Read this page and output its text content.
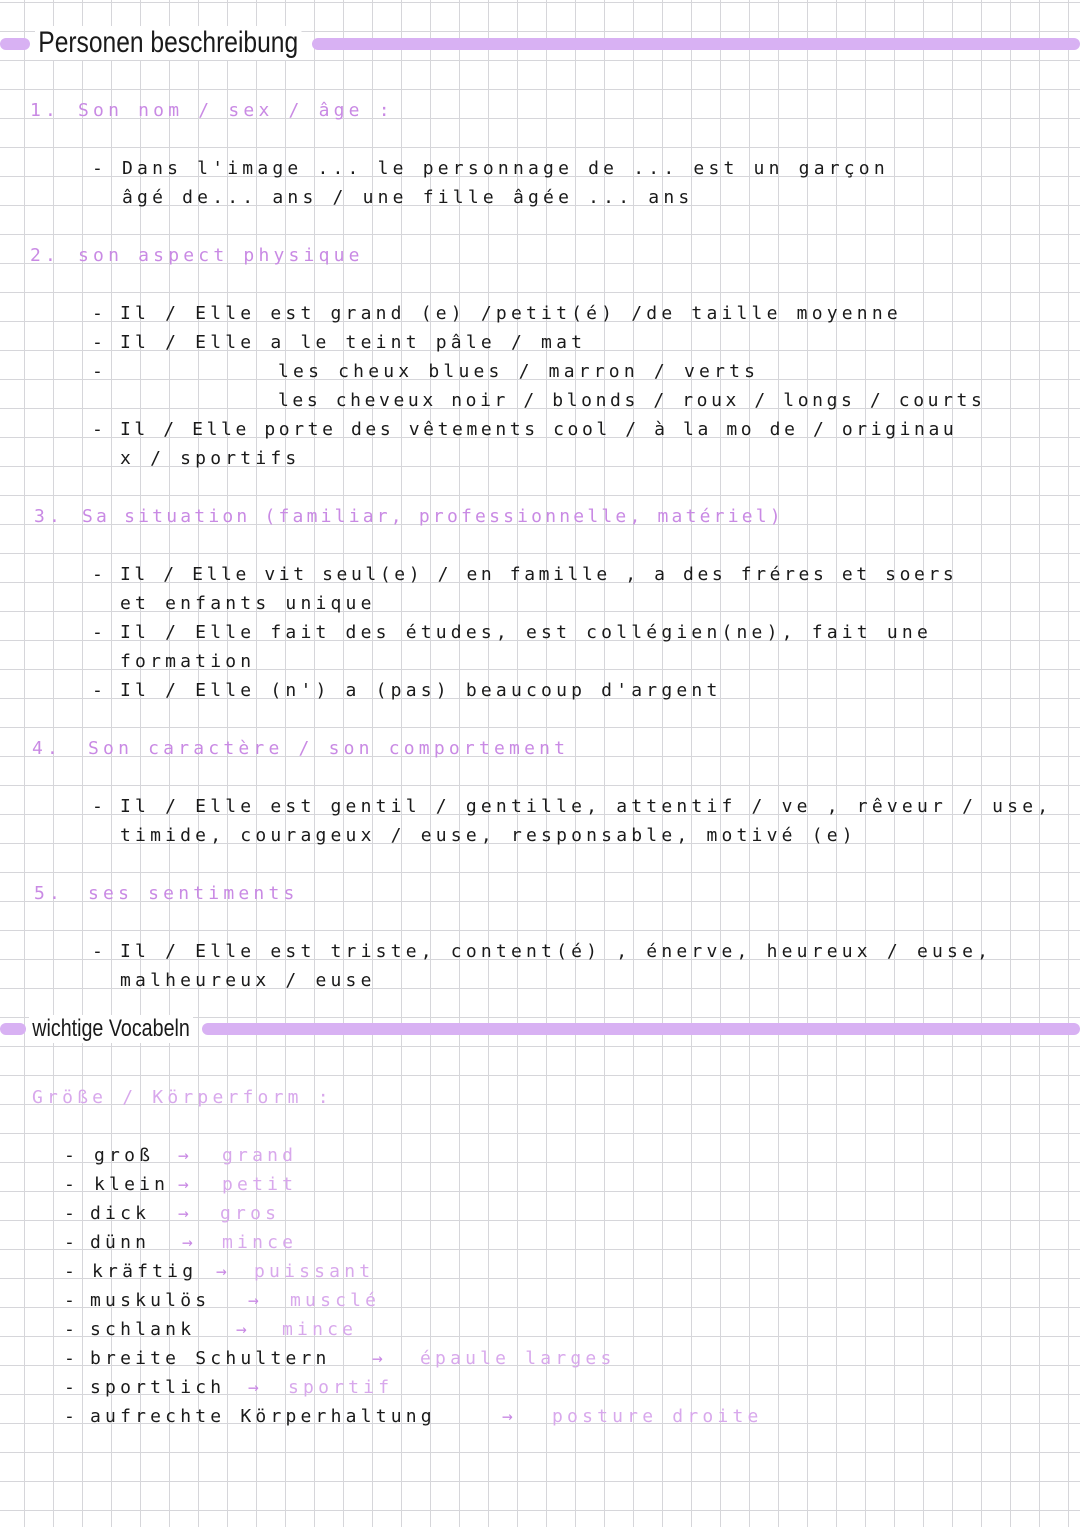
Personen beschreibung
1. Son nom / sex / âge :
- Dans l'image ... le personnage de ... est un garçon
âgé de... ans / une fille âgée ... ans
2. son aspect physique
- Il / Elle est grand (e) /petit(é) /de taille moyenne
- Il / Elle a le teint pâle / mat
-	les cheux blues / marron / verts
les cheveux noir / blonds / roux / longs / courts
- Il / Elle porte des vêtements cool / à la mo de / originau
x / sportifs
3. Sa situation (familiar, professionnelle, matériel)
- Il / Elle vit seul(e) / en famille , a des fréres et soers
et enfants unique
- Il / Elle fait des études, est collégien(ne), fait une
formation
- Il / Elle (n') a (pas) beaucoup d'argent
4. Son caractère / son comportement
- Il / Elle est gentil / gentille, attentif / ve , rêveur / use,
timide, courageux / euse, responsable, motivé (e)
5. ses sentiments
- Il / Elle est triste, content(é) , énerve, heureux / euse,
malheureux / euse
wichtige Vocabeln
Größe / Körperform :
- groß → grand
- klein → petit
- dick → gros
- dünn → mince
- kräftig → puissant
- muskulös → musclé
- schlank → mince
- breite Schultern → épaule larges
- sportlich → sportif
- aufrechte Körperhaltung	→ posture droite
